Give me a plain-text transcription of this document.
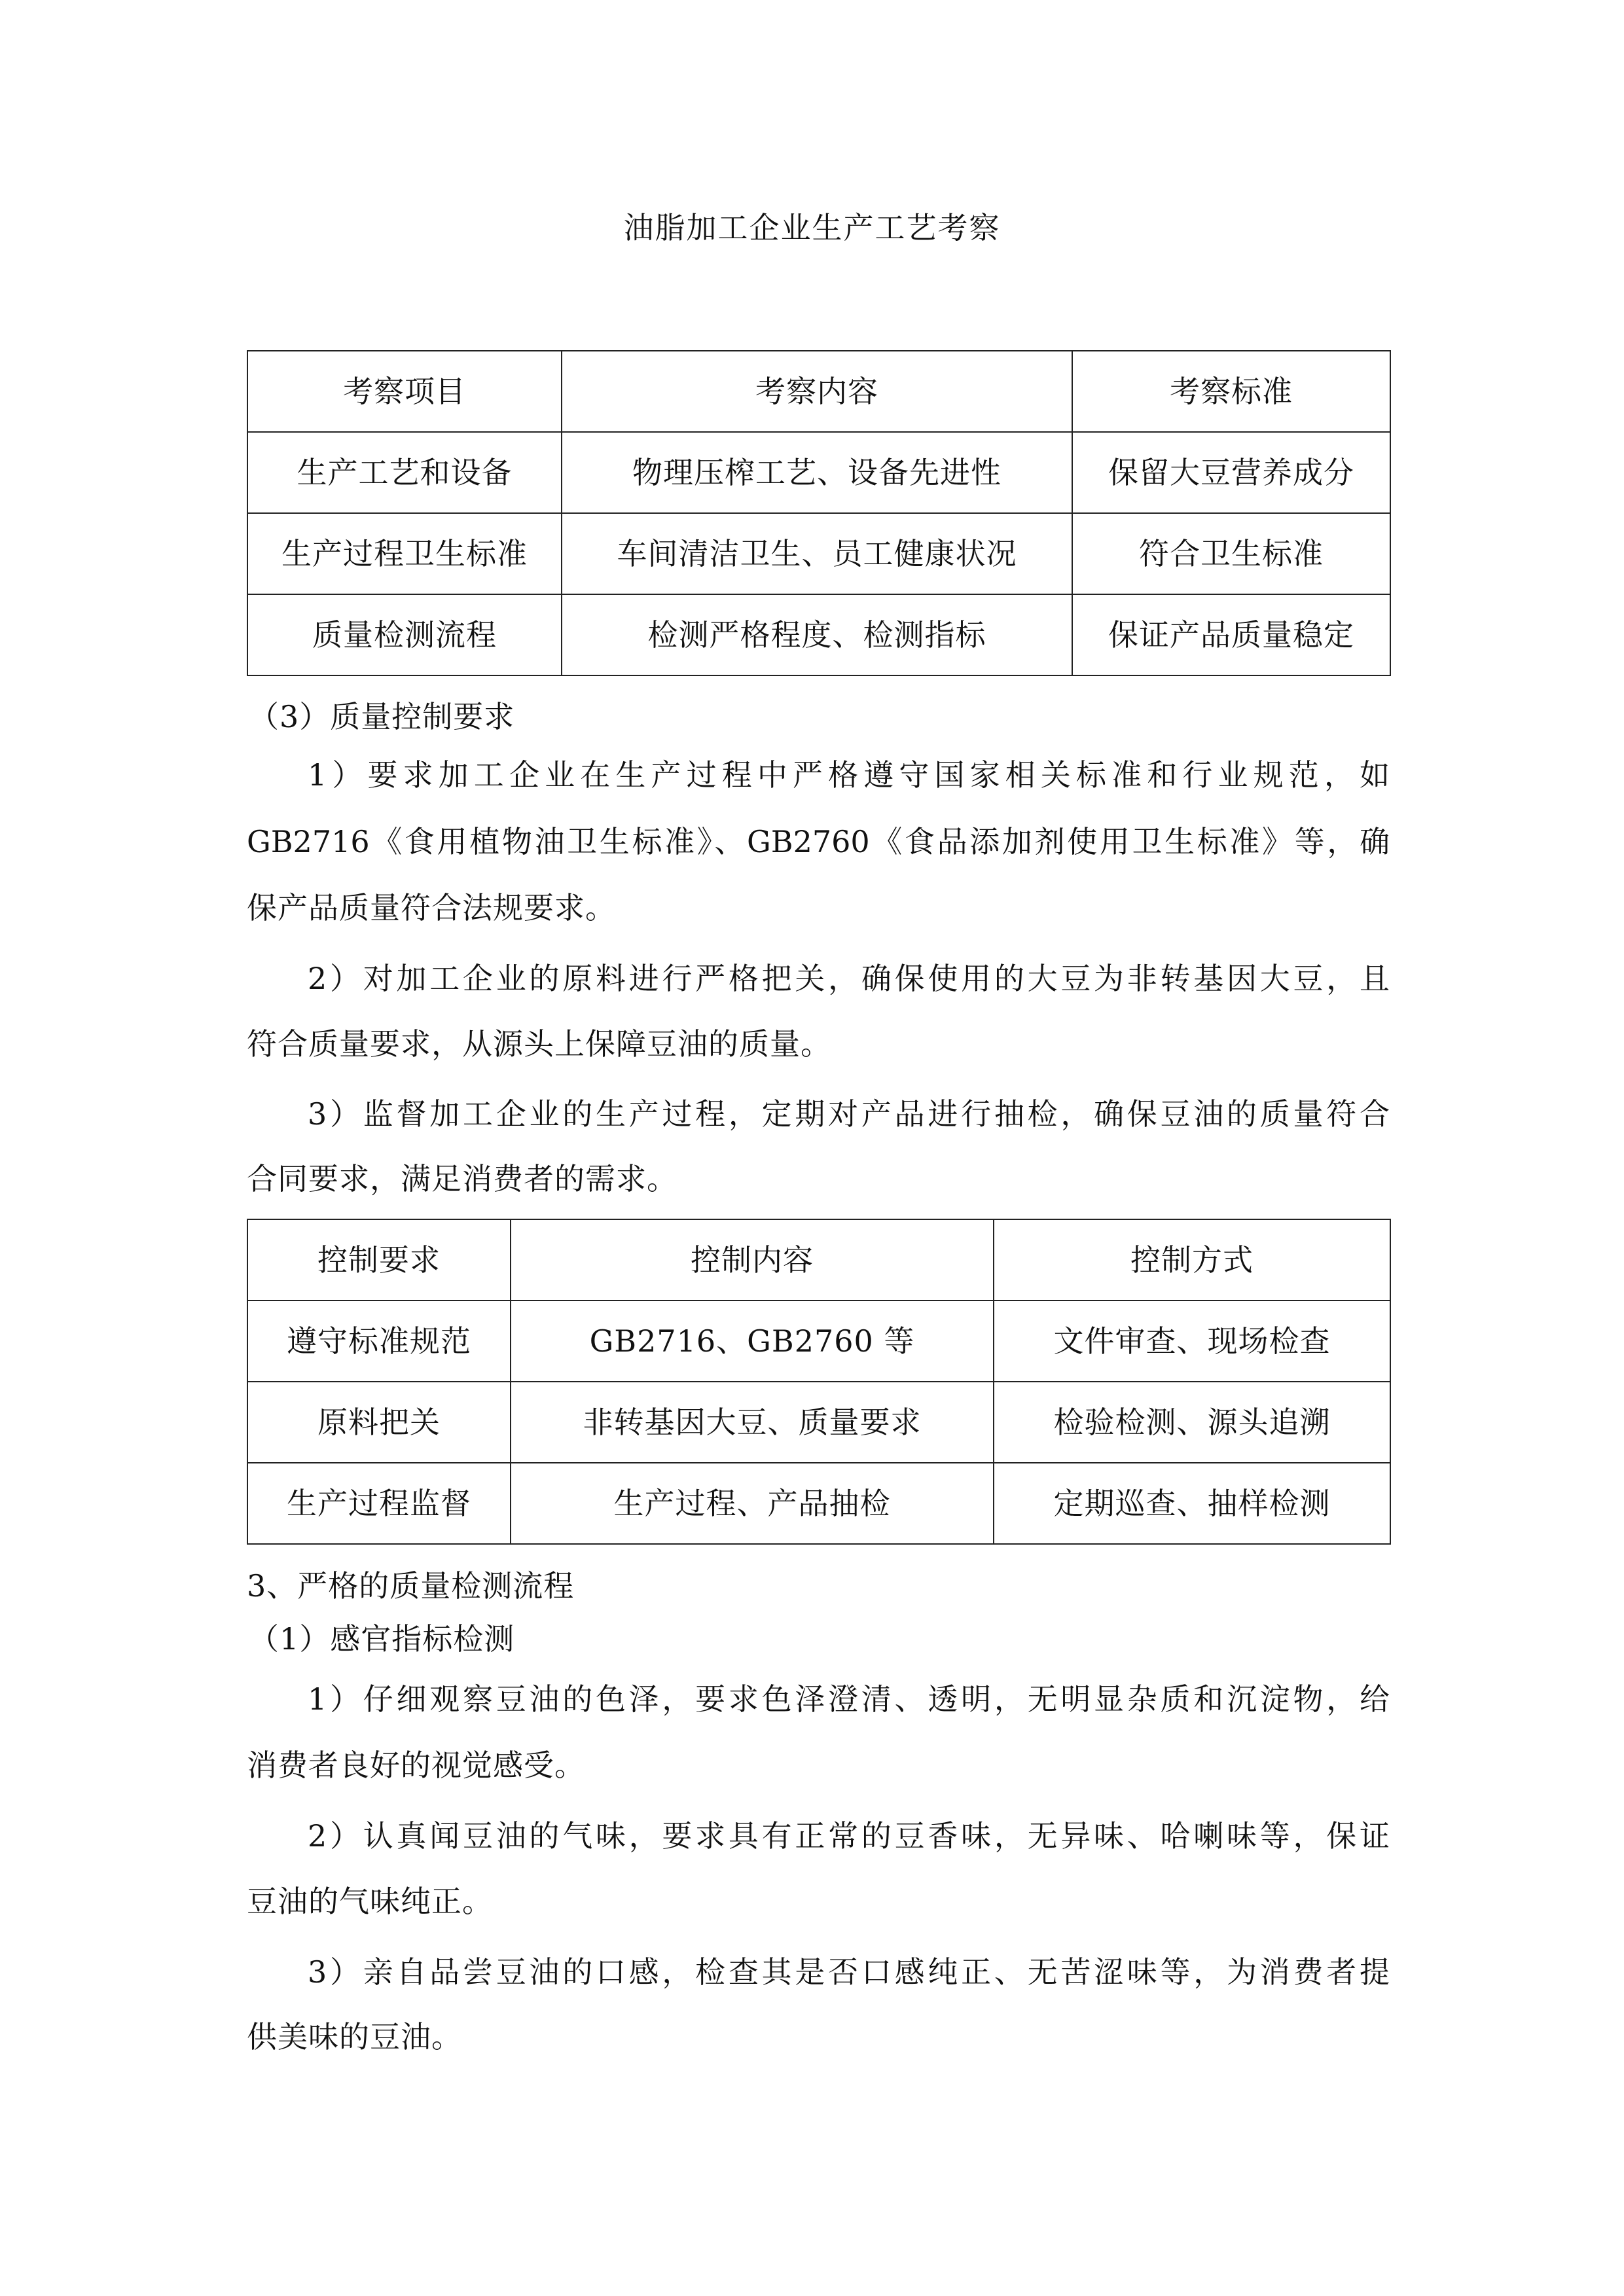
油脂加工企业生产工艺考察
考察项目	考察内容	考察标准
生产工艺和设备	物理压榨工艺、设备先进性	保留大豆营养成分
生产过程卫生标准	车间清洁卫生、员工健康状况	符合卫生标准
质量检测流程	检测严格程度、检测指标	保证产品质量稳定
（3）质量控制要求
1）要求加工企业在生产过程中严格遵守国家相关标准和行业规范，如
GB2716《食用植物油卫生标准》、GB2760《食品添加剂使用卫生标准》等，确
保产品质量符合法规要求。
2）对加工企业的原料进行严格把关，确保使用的大豆为非转基因大豆，且
符合质量要求，从源头上保障豆油的质量。
3）监督加工企业的生产过程，定期对产品进行抽检，确保豆油的质量符合
合同要求，满足消费者的需求。
控制要求	控制内容	控制方式
遵守标准规范	GB2716、GB2760 等	文件审查、现场检查
原料把关	非转基因大豆、质量要求	检验检测、源头追溯
生产过程监督	生产过程、产品抽检	定期巡查、抽样检测
3、严格的质量检测流程
（1）感官指标检测
1）仔细观察豆油的色泽，要求色泽澄清、透明，无明显杂质和沉淀物，给
消费者良好的视觉感受。
2）认真闻豆油的气味，要求具有正常的豆香味，无异味、哈喇味等，保证
豆油的气味纯正。
3）亲自品尝豆油的口感，检查其是否口感纯正、无苦涩味等，为消费者提
供美味的豆油。
